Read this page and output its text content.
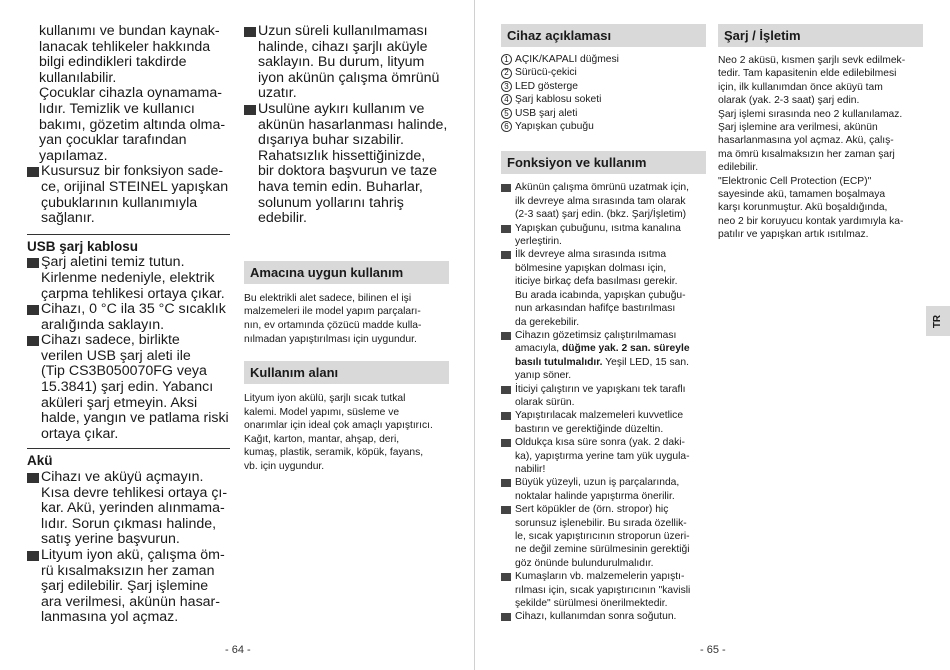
kullanımı ve bundan kaynak-

lanacak tehlikeler hakkında

bilgi edindikleri takdirde

kullanılabilir.

Çocuklar cihazla oynamama-

lıdır. Temizlik ve kullanıcı

bakımı, gözetim altında olma-

yan çocuklar tarafından

yapılamaz.

Kusursuz bir fonksiyon sade-

ce, orijinal STEINEL yapışkan

çubuklarının kullanımıyla

sağlanır.

USB şarj kablosu

Şarj aletini temiz tutun.

Kirlenme nedeniyle, elektrik

çarpma tehlikesi ortaya çıkar.

Cihazı, 0 °C ila 35 °C sıcaklık

aralığında saklayın.

Cihazı sadece, birlikte

verilen USB şarj aleti ile

(Tip CS3B050070FG veya

15.3841) şarj edin. Yabancı

aküleri şarj etmeyin. Aksi

halde, yangın ve patlama riski

ortaya çıkar.

Akü

Cihazı ve aküyü açmayın.

Kısa devre tehlikesi ortaya çı-

kar. Akü, yerinden alınmama-

lıdır. Sorun çıkması halinde,

satış yerine başvurun.

Lityum iyon akü, çalışma öm-

rü kısalmaksızın her zaman

şarj edilebilir. Şarj işlemine

ara verilmesi, akünün hasar-

lanmasına yol açmaz.

Uzun süreli kullanılmaması

halinde, cihazı şarjlı aküyle

saklayın. Bu durum, lityum

iyon akünün çalışma ömrünü

uzatır.

Usulüne aykırı kullanım ve

akünün hasarlanması halinde,

dışarıya buhar sızabilir.

Rahatsızlık hissettiğinizde,

bir doktora başvurun ve taze

hava temin edin. Buharlar,

solunum yollarını tahriş

edebilir.

Amacına uygun kullanım

Bu elektrikli alet sadece, bilinen el işi

malzemeleri ile model yapım parçaları-

nın, ev ortamında çözücü madde kulla-

nılmadan yapıştırılması için uygundur.

Kullanım alanı

Lityum iyon akülü, şarjlı sıcak tutkal

kalemi. Model yapımı, süsleme ve

onarımlar için ideal çok amaçlı yapıştırıcı.

Kağıt, karton, mantar, ahşap, deri,

kumaş, plastik, seramik, köpük, fayans,

vb. için uygundur.

- 64 -
Cihaz açıklaması

1 AÇIK/KAPALI düğmesi

2 Sürücü-çekici

3 LED gösterge

4 Şarj kablosu soketi

5 USB şarj aleti

6 Yapışkan çubuğu

Fonksiyon ve kullanım

Akünün çalışma ömrünü uzatmak için,

ilk devreye alma sırasında tam olarak

(2-3 saat) şarj edin. (bkz. Şarj/İşletim)

Yapışkan çubuğunu, ısıtma kanalına

yerleştirin.

İlk devreye alma sırasında ısıtma

bölmesine yapışkan dolması için,

iticiye birkaç defa basılması gerekir.

Bu arada icabında, yapışkan çubuğu-

nun arkasından hafifçe bastırılması

da gerekebilir.

Cihazın gözetimsiz çalıştırılmaması

amacıyla, düğme yak. 2 san. süreyle

basılı tutulmalıdır. Yeşil LED, 15 san.

yanıp söner.

İticiyi çalıştırın ve yapışkanı tek taraflı

olarak sürün.

Yapıştırılacak malzemeleri kuvvetlice

bastırın ve gerektiğinde düzeltin.

Oldukça kısa süre sonra (yak. 2 daki-

ka), yapıştırma yerine tam yük uygula-

nabilir!

Büyük yüzeyli, uzun iş parçalarında,

noktalar halinde yapıştırma önerilir.

Sert köpükler de (örn. stropor) hiç

sorunsuz işlenebilir. Bu sırada özellik-

le, sıcak yapıştırıcının stroporun üzeri-

ne değil zemine sürülmesinin gerektiği

göz önünde bulundurulmalıdır.

Kumaşların vb. malzemelerin yapıştı-

rılması için, sıcak yapıştırıcının "kavisli

şekilde" sürülmesi önerilmektedir.

Cihazı, kullanımdan sonra soğutun.

Şarj / İşletim

Neo 2 aküsü, kısmen şarjlı sevk edilmek-

tedir. Tam kapasitenin elde edilebilmesi

için, ilk kullanımdan önce aküyü tam

olarak (yak. 2-3 saat) şarj edin.

Şarj işlemi sırasında neo 2 kullanılamaz.

Şarj işlemine ara verilmesi, akünün

hasarlanmasına yol açmaz. Akü, çalış-

ma ömrü kısalmaksızın her zaman şarj

edilebilir.

"Elektronic Cell Protection (ECP)"

sayesinde akü, tamamen boşalmaya

karşı korunmuştur. Akü boşaldığında,

neo 2 bir koruyucu kontak yardımıyla ka-

patılır ve yapışkan artık ısıtılmaz.

TR
- 65 -
